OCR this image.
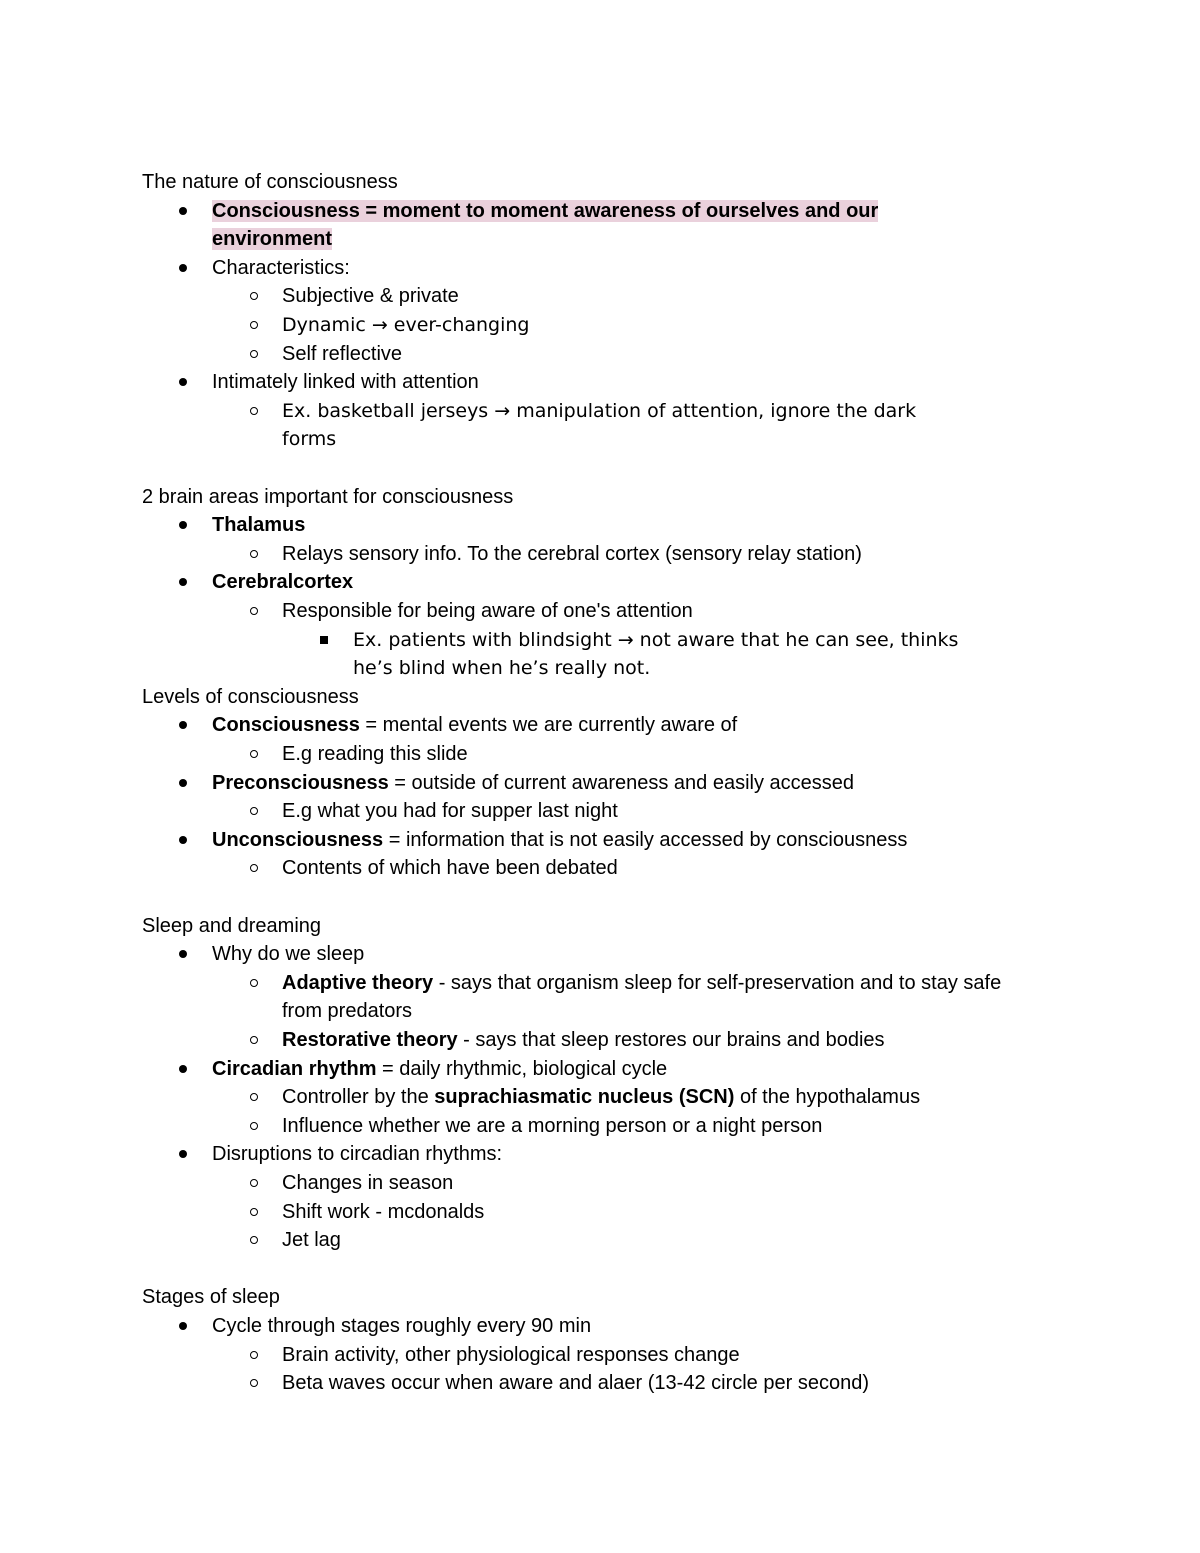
The nature of consciousness
Consciousness = moment to moment awareness of ourselves and our
environment
Characteristics:
Subjective & private
Dynamic → ever-changing
Self reflective
Intimately linked with attention
Ex. basketball jerseys → manipulation of attention, ignore the dark
forms
2 brain areas important for consciousness
Thalamus
Relays sensory info. To the cerebral cortex (sensory relay station)
Cerebralcortex
Responsible for being aware of one's attention
Ex. patients with blindsight → not aware that he can see, thinks
he’s blind when he’s really not.
Levels of consciousness
Consciousness = mental events we are currently aware of
E.g reading this slide
Preconsciousness = outside of current awareness and easily accessed
E.g what you had for supper last night
Unconsciousness = information that is not easily accessed by consciousness
Contents of which have been debated
Sleep and dreaming
Why do we sleep
Adaptive theory - says that organism sleep for self-preservation and to stay safe
from predators
Restorative theory - says that sleep restores our brains and bodies
Circadian rhythm = daily rhythmic, biological cycle
Controller by the suprachiasmatic nucleus (SCN) of the hypothalamus
Influence whether we are a morning person or a night person
Disruptions to circadian rhythms:
Changes in season
Shift work - mcdonalds
Jet lag
Stages of sleep
Cycle through stages roughly every 90 min
Brain activity, other physiological responses change
Beta waves occur when aware and alaer (13-42 circle per second)
